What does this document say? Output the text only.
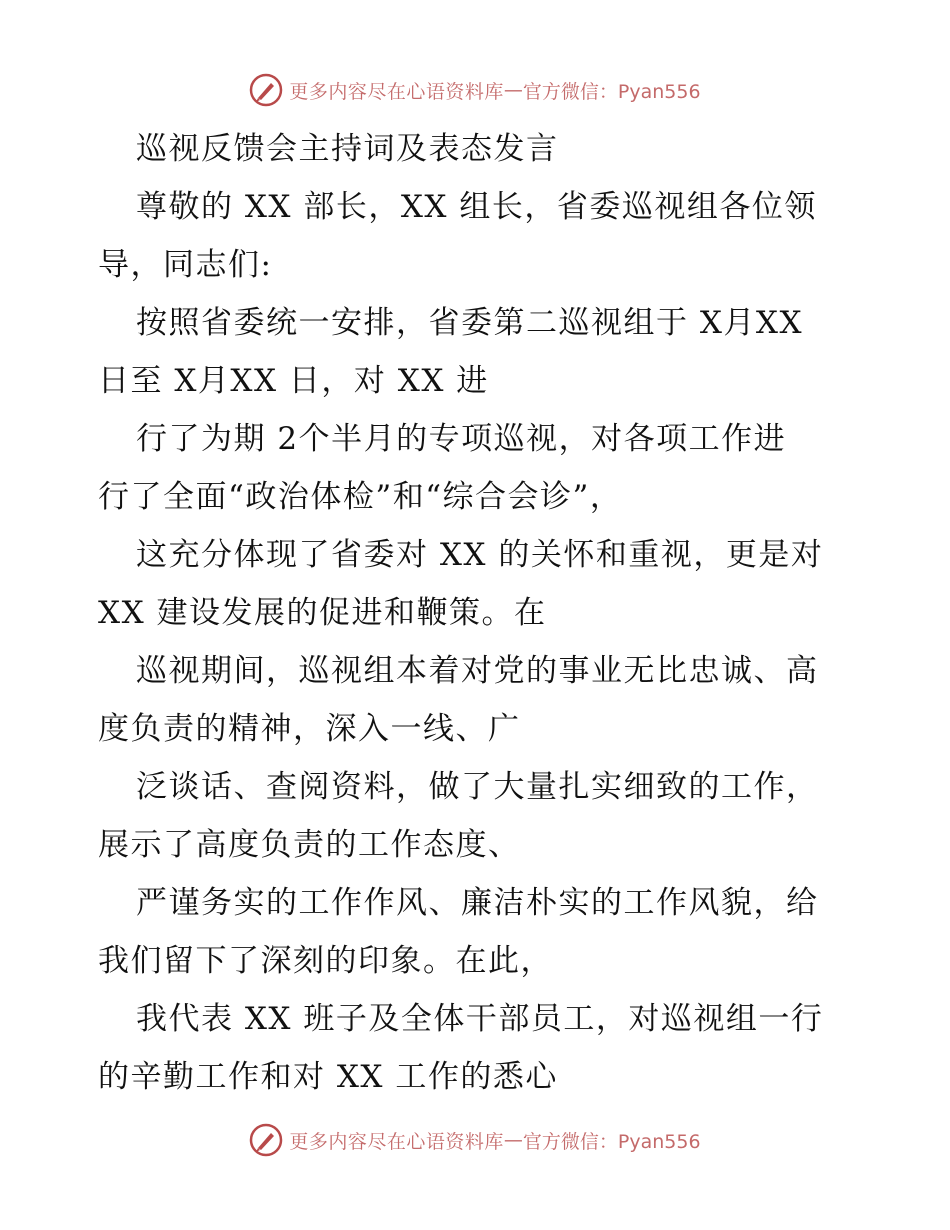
更多内容尽在心语资料库 — 官方微信：Pyan556
巡视反馈会主持词及表态发言
尊敬的 XX 部长，XX 组长，省委巡视组各位领
导，同志们:
按照省委统一安排，省委第二巡视组于 X月XX
日至 X月XX 日，对 XX 进
行了为期 2个半月的专项巡视，对各项工作进
行了全面“政治体检”和“综合会诊”，
这充分体现了省委对 XX 的关怀和重视，更是对
XX 建设发展的促进和鞭策。在
巡视期间，巡视组本着对党的事业无比忠诚、高
度负责的精神，深入一线、广
泛谈话、查阅资料，做了大量扎实细致的工作，
展示了高度负责的工作态度、
严谨务实的工作作风、廉洁朴实的工作风貌，给
我们留下了深刻的印象。在此，
我代表 XX 班子及全体干部员工，对巡视组一行
的辛勤工作和对 XX 工作的悉心
更多内容尽在心语资料库 — 官方微信：Pyan556
